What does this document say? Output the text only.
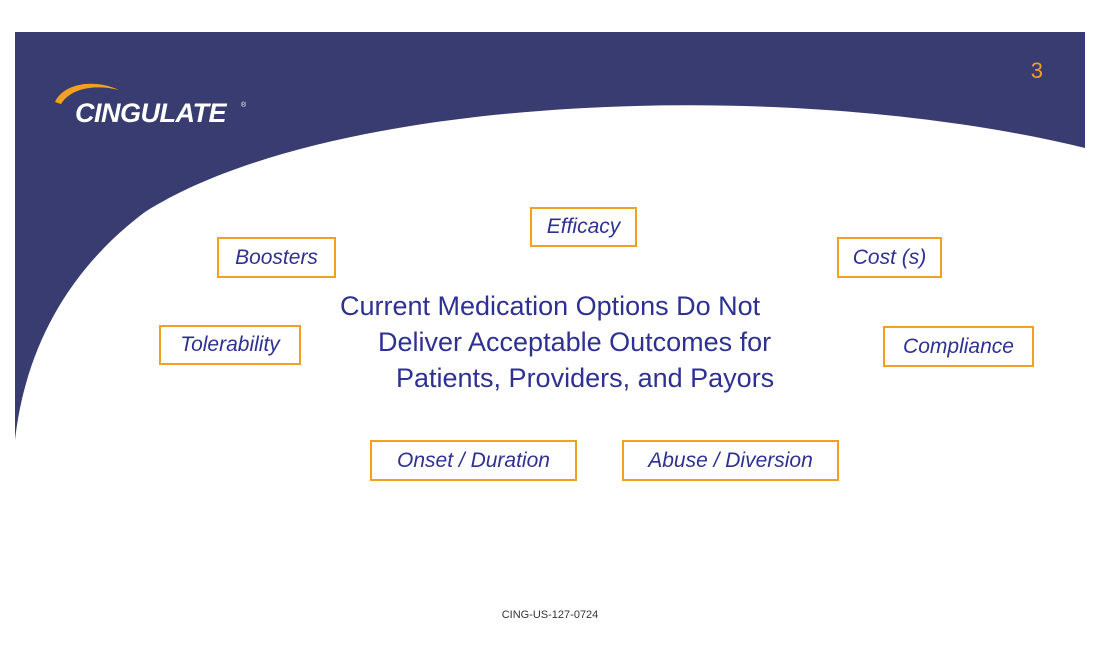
3
CINGULATE ®
Efficacy
Boosters	Cost (s)
Tolerability	Compliance
Onset / Duration	Abuse / Diversion
Current Medication Options Do Not
Deliver Acceptable Outcomes for
Patients, Providers, and Payors
CING-US-127-0724
